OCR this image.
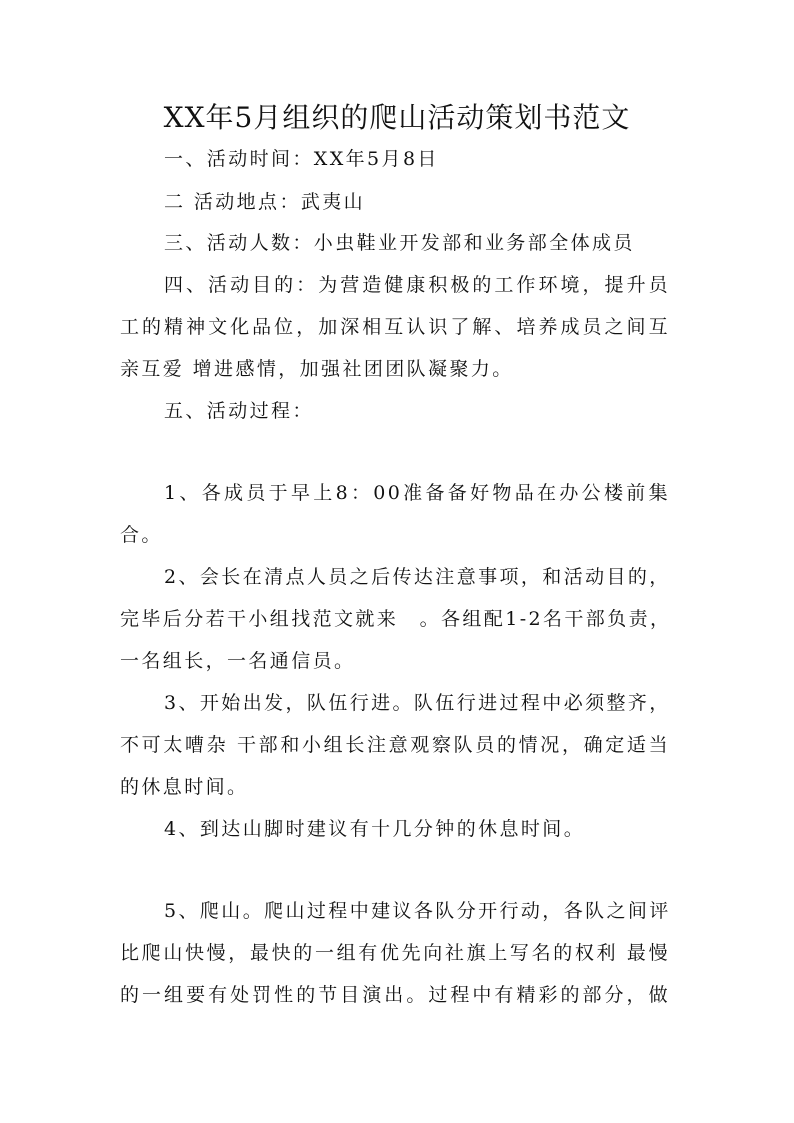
XX年5月组织的爬山活动策划书范文
一、活动时间：XX年5月8日
二 活动地点：武夷山
三、活动人数：小虫鞋业开发部和业务部全体成员
四、活动目的：为营造健康积极的工作环境，提升员
工的精神文化品位，加深相互认识了解、培养成员之间互
亲互爱 增进感情，加强社团团队凝聚力。
五、活动过程：
1、各成员于早上8：00准备备好物品在办公楼前集
合。
2、会长在清点人员之后传达注意事项，和活动目的，
完毕后分若干小组找范文就来　。各组配1-2名干部负责，
一名组长，一名通信员。
3、开始出发，队伍行进。队伍行进过程中必须整齐，
不可太嘈杂 干部和小组长注意观察队员的情况，确定适当
的休息时间。
4、到达山脚时建议有十几分钟的休息时间。
5、爬山。爬山过程中建议各队分开行动，各队之间评
比爬山快慢，最快的一组有优先向社旗上写名的权利 最慢
的一组要有处罚性的节目演出。过程中有精彩的部分，做
